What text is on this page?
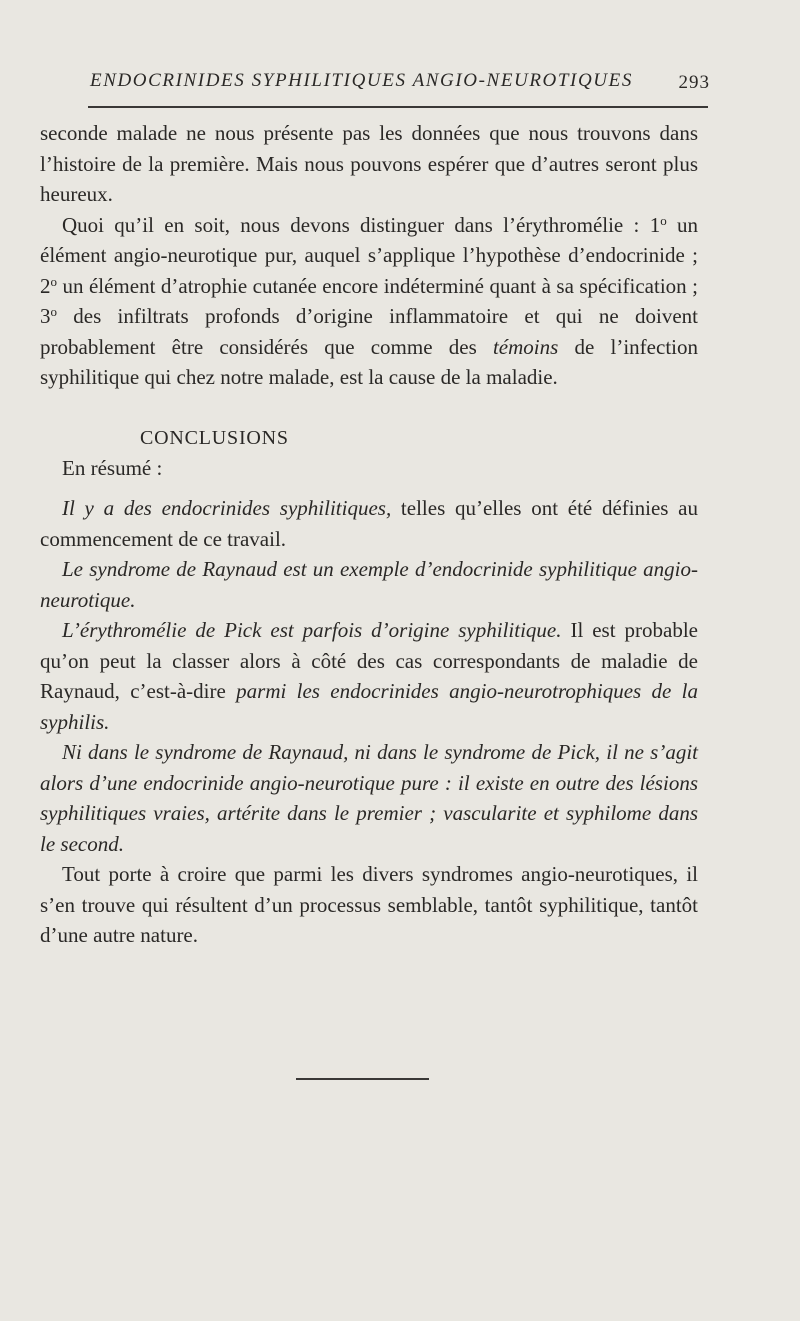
ENDOCRINIDES SYPHILITIQUES ANGIO-NEUROTIQUES 293

seconde malade ne nous présente pas les données que nous trouvons dans l’histoire de la première. Mais nous pouvons espérer que d’autres seront plus heureux.

Quoi qu’il en soit, nous devons distinguer dans l’érythromélie : 1$^o$ un élément angio-neurotique pur, auquel s’applique l’hypothèse d’endocrinide ; 2$^o$ un élément d’atrophie cutanée encore indéterminé quant à sa spécification ; 3$^o$ des infiltrats profonds d’origine inflammatoire et qui ne doivent probablement être considérés que comme des témoins de l’infection syphilitique qui chez notre malade, est la cause de la maladie.

CONCLUSIONS

En résumé :

Il y a des endocrinides syphilitiques, telles qu’elles ont été définies au commencement de ce travail.

Le syndrome de Raynaud est un exemple d’endocrinide syphilitique angio-neurotique.

L’érythromélie de Pick est parfois d’origine syphilitique. Il est probable qu’on peut la classer alors à côté des cas correspondants de maladie de Raynaud, c’est-à-dire parmi les endocrinides angio-neurotrophiques de la syphilis.

Ni dans le syndrome de Raynaud, ni dans le syndrome de Pick, il ne s’agit alors d’une endocrinide angio-neurotique pure : il existe en outre des lésions syphilitiques vraies, artérite dans le premier ; vascularite et syphilome dans le second.

Tout porte à croire que parmi les divers syndromes angio-neurotiques, il s’en trouve qui résultent d’un processus semblable, tantôt syphilitique, tantôt d’une autre nature.
